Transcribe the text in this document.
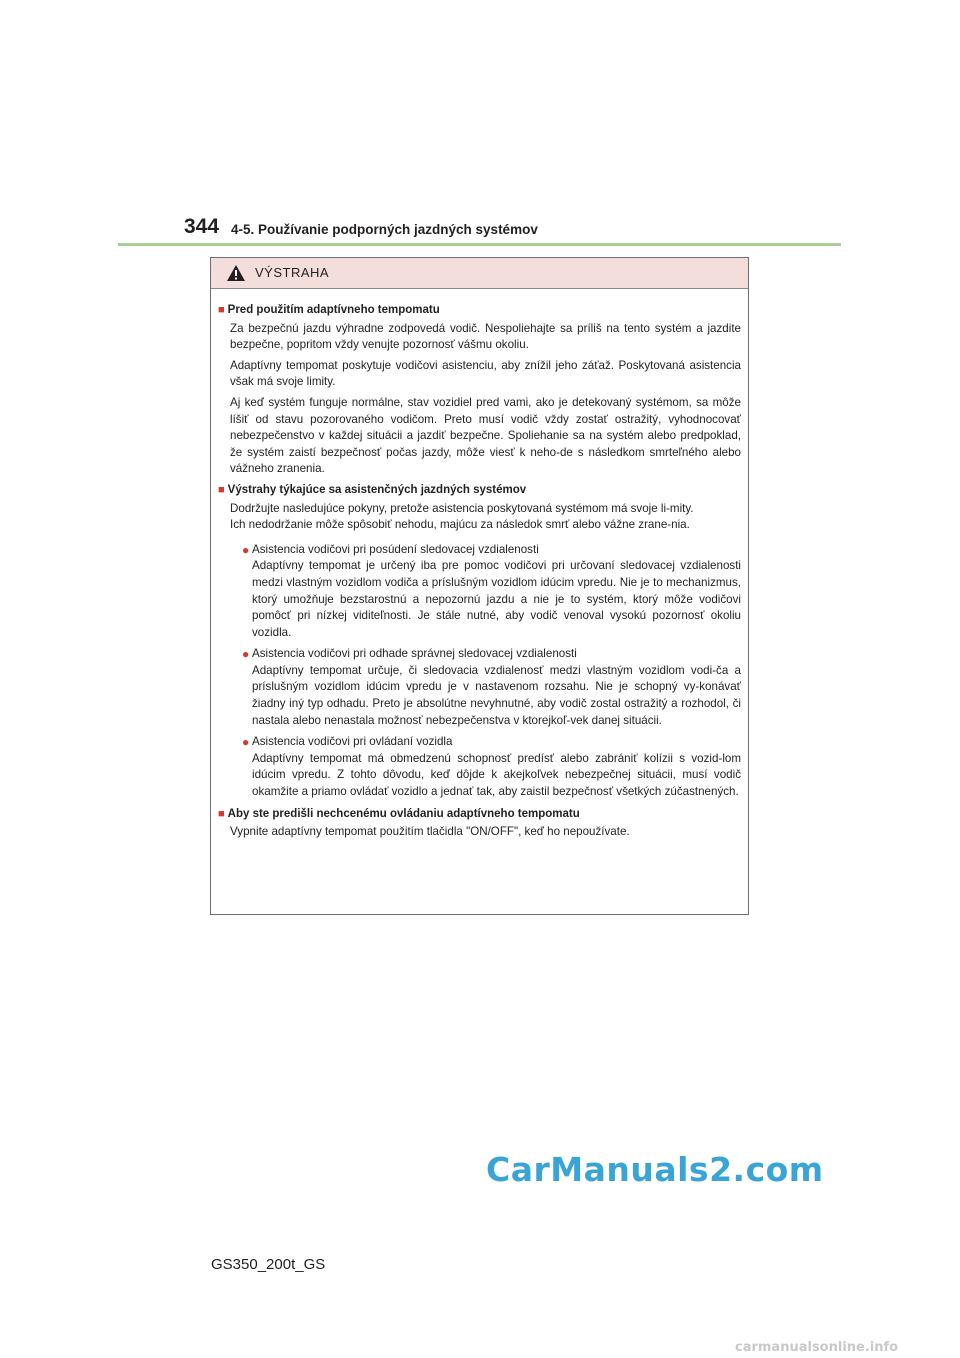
344 4-5. Používanie podporných jazdných systémov
VÝSTRAHA
■ Pred použitím adaptívneho tempomatu

Za bezpečnú jazdu výhradne zodpovedá vodič. Nespoliehajte sa príliš na tento systém a jazdite bezpečne, popritom vždy venujte pozornosť vášmu okoliu.

Adaptívny tempomat poskytuje vodičovi asistenciu, aby znížil jeho záťaž. Poskytovaná asistencia však má svoje limity.

Aj keď systém funguje normálne, stav vozidiel pred vami, ako je detekovaný systémom, sa môže líšiť od stavu pozorovaného vodičom. Preto musí vodič vždy zostať ostražitý, vyhodnocovať nebezpečenstvo v každej situácii a jazdiť bezpečne. Spoliehanie sa na systém alebo predpoklad, že systém zaistí bezpečnosť počas jazdy, môže viesť k neho-de s následkom smrteľného alebo vážneho zranenia.

■ Výstrahy týkajúce sa asistenčných jazdných systémov

Dodržujte nasledujúce pokyny, pretože asistencia poskytovaná systémom má svoje li-mity.
Ich nedodržanie môže spôsobiť nehodu, majúcu za následok smrť alebo vážne zrane-nia.

● Asistencia vodičovi pri posúdení sledovacej vzdialenosti
Adaptívny tempomat je určený iba pre pomoc vodičovi pri určovaní sledovacej vzdialenosti medzi vlastným vozidlom vodiča a príslušným vozidlom idúcim vpredu. Nie je to mechanizmus, ktorý umožňuje bezstarostnú a nepozornú jazdu a nie je to systém, ktorý môže vodičovi pomôcť pri nízkej viditeľnosti. Je stále nutné, aby vodič venoval vysokú pozornosť okoliu vozidla.
● Asistencia vodičovi pri odhade správnej sledovacej vzdialenosti
Adaptívny tempomat určuje, či sledovacia vzdialenosť medzi vlastným vozidlom vodi-ča a príslušným vozidlom idúcim vpredu je v nastavenom rozsahu. Nie je schopný vy-konávať žiadny iný typ odhadu. Preto je absolútne nevyhnutné, aby vodič zostal ostražitý a rozhodol, či nastala alebo nenastala možnosť nebezpečenstva v ktorejkoľ-vek danej situácii.
● Asistencia vodičovi pri ovládaní vozidla
Adaptívny tempomat má obmedzenú schopnosť predísť alebo zabrániť kolízii s vozid-lom idúcim vpredu. Z tohto dôvodu, keď dôjde k akejkoľvek nebezpečnej situácii, musí vodič okamžite a priamo ovládať vozidlo a jednať tak, aby zaistil bezpečnosť všetkých zúčastnených.
■ Aby ste predišli nechcenému ovládaniu adaptívneho tempomatu

Vypnite adaptívny tempomat použitím tlačidla "ON/OFF", keď ho nepoužívate.

CarManuals2.com
GS350_200t_GS
carmanualsonline.info
